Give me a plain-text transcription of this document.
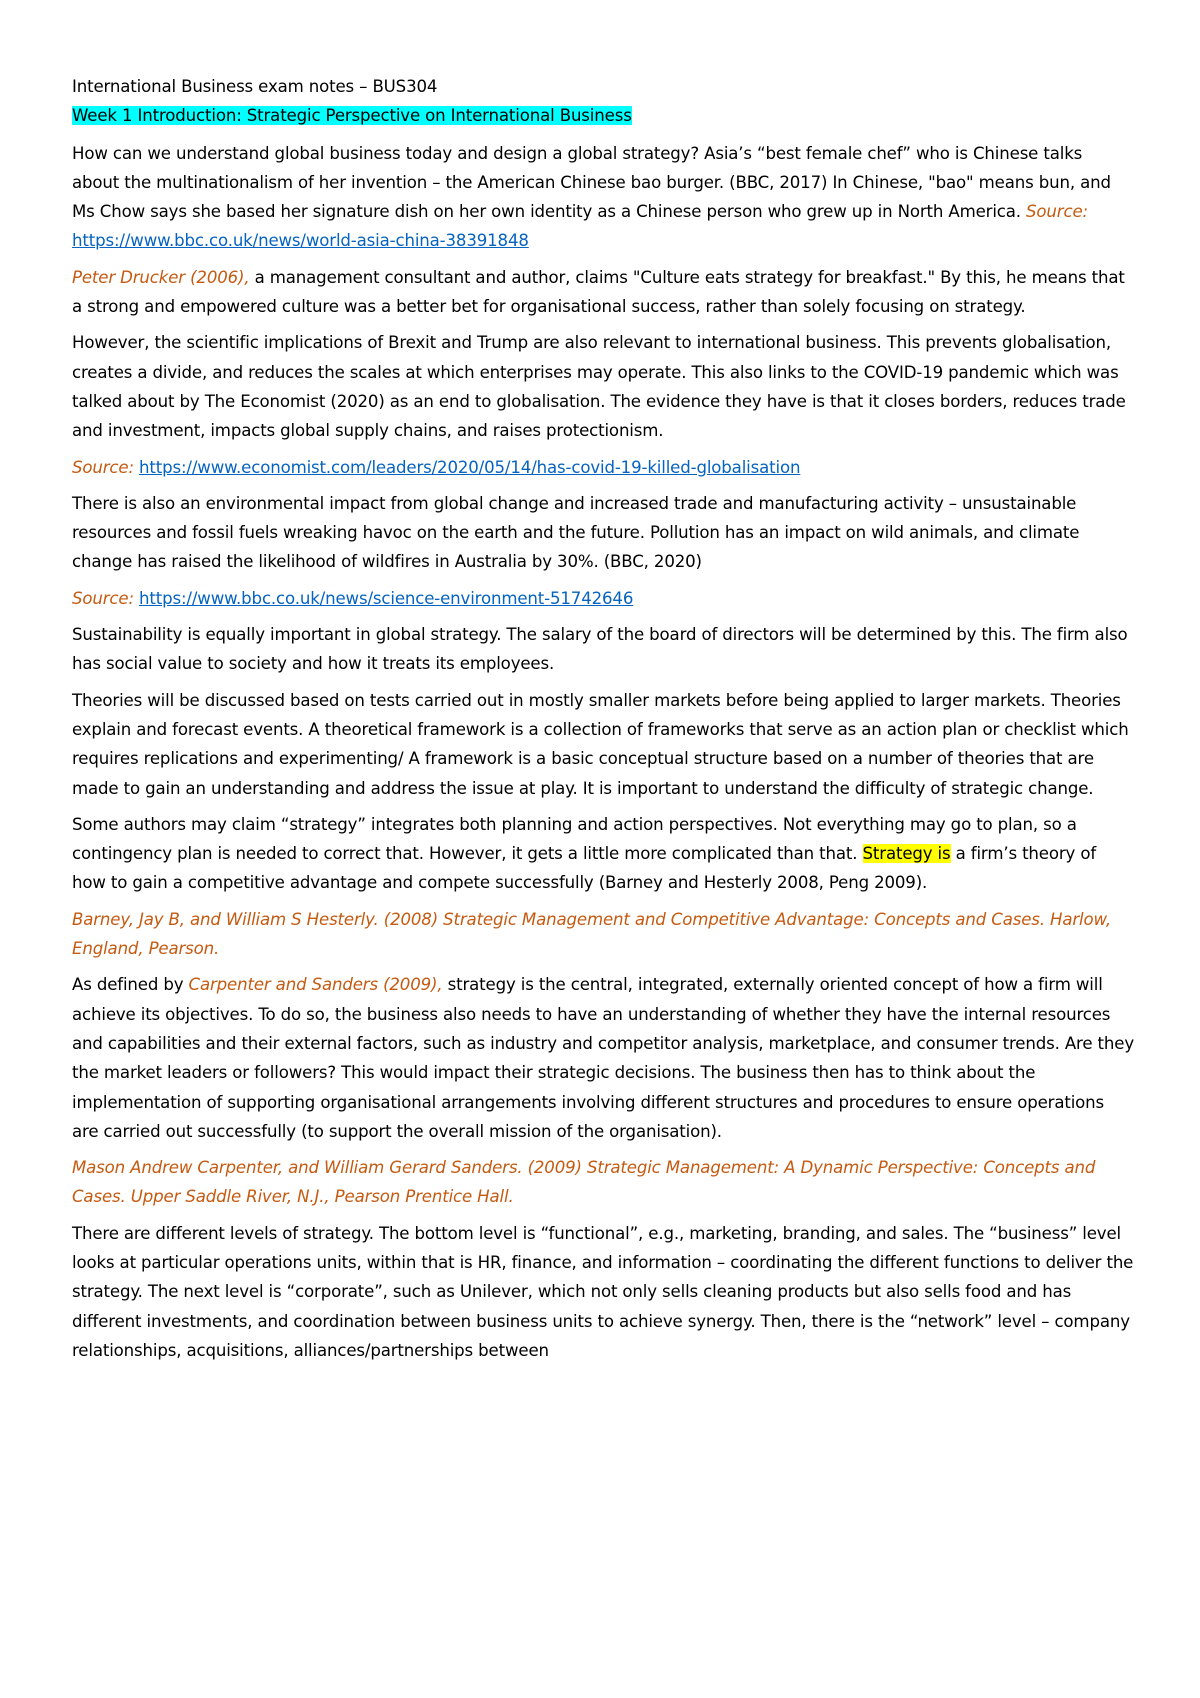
International Business exam notes – BUS304

Week 1 Introduction: Strategic Perspective on International Business

How can we understand global business today and design a global strategy? Asia’s “best female chef” who is Chinese talks about the multinationalism of her invention – the American Chinese bao burger. (BBC, 2017) In Chinese, "bao" means bun, and Ms Chow says she based her signature dish on her own identity as a Chinese person who grew up in North America. Source: https://www.bbc.co.uk/news/world-asia-china-38391848

Peter Drucker (2006), a management consultant and author, claims "Culture eats strategy for breakfast." By this, he means that a strong and empowered culture was a better bet for organisational success, rather than solely focusing on strategy.

However, the scientific implications of Brexit and Trump are also relevant to international business. This prevents globalisation, creates a divide, and reduces the scales at which enterprises may operate. This also links to the COVID-19 pandemic which was talked about by The Economist (2020) as an end to globalisation. The evidence they have is that it closes borders, reduces trade and investment, impacts global supply chains, and raises protectionism.

Source: https://www.economist.com/leaders/2020/05/14/has-covid-19-killed-globalisation

There is also an environmental impact from global change and increased trade and manufacturing activity – unsustainable resources and fossil fuels wreaking havoc on the earth and the future. Pollution has an impact on wild animals, and climate change has raised the likelihood of wildfires in Australia by 30%. (BBC, 2020)

Source: https://www.bbc.co.uk/news/science-environment-51742646

Sustainability is equally important in global strategy. The salary of the board of directors will be determined by this. The firm also has social value to society and how it treats its employees.

Theories will be discussed based on tests carried out in mostly smaller markets before being applied to larger markets. Theories explain and forecast events. A theoretical framework is a collection of frameworks that serve as an action plan or checklist which requires replications and experimenting/ A framework is a basic conceptual structure based on a number of theories that are made to gain an understanding and address the issue at play. It is important to understand the difficulty of strategic change.

Some authors may claim “strategy” integrates both planning and action perspectives. Not everything may go to plan, so a contingency plan is needed to correct that. However, it gets a little more complicated than that. Strategy is a firm’s theory of how to gain a competitive advantage and compete successfully (Barney and Hesterly 2008, Peng 2009).

Barney, Jay B, and William S Hesterly. (2008) Strategic Management and Competitive Advantage: Concepts and Cases. Harlow, England, Pearson.

As defined by Carpenter and Sanders (2009), strategy is the central, integrated, externally oriented concept of how a firm will achieve its objectives. To do so, the business also needs to have an understanding of whether they have the internal resources and capabilities and their external factors, such as industry and competitor analysis, marketplace, and consumer trends. Are they the market leaders or followers? This would impact their strategic decisions. The business then has to think about the implementation of supporting organisational arrangements involving different structures and procedures to ensure operations are carried out successfully (to support the overall mission of the organisation).

Mason Andrew Carpenter, and William Gerard Sanders. (2009) Strategic Management: A Dynamic Perspective: Concepts and Cases. Upper Saddle River, N.J., Pearson Prentice Hall.

There are different levels of strategy. The bottom level is “functional”, e.g., marketing, branding, and sales. The “business” level looks at particular operations units, within that is HR, finance, and information – coordinating the different functions to deliver the strategy. The next level is “corporate”, such as Unilever, which not only sells cleaning products but also sells food and has different investments, and coordination between business units to achieve synergy. Then, there is the “network” level – company relationships, acquisitions, alliances/partnerships between
